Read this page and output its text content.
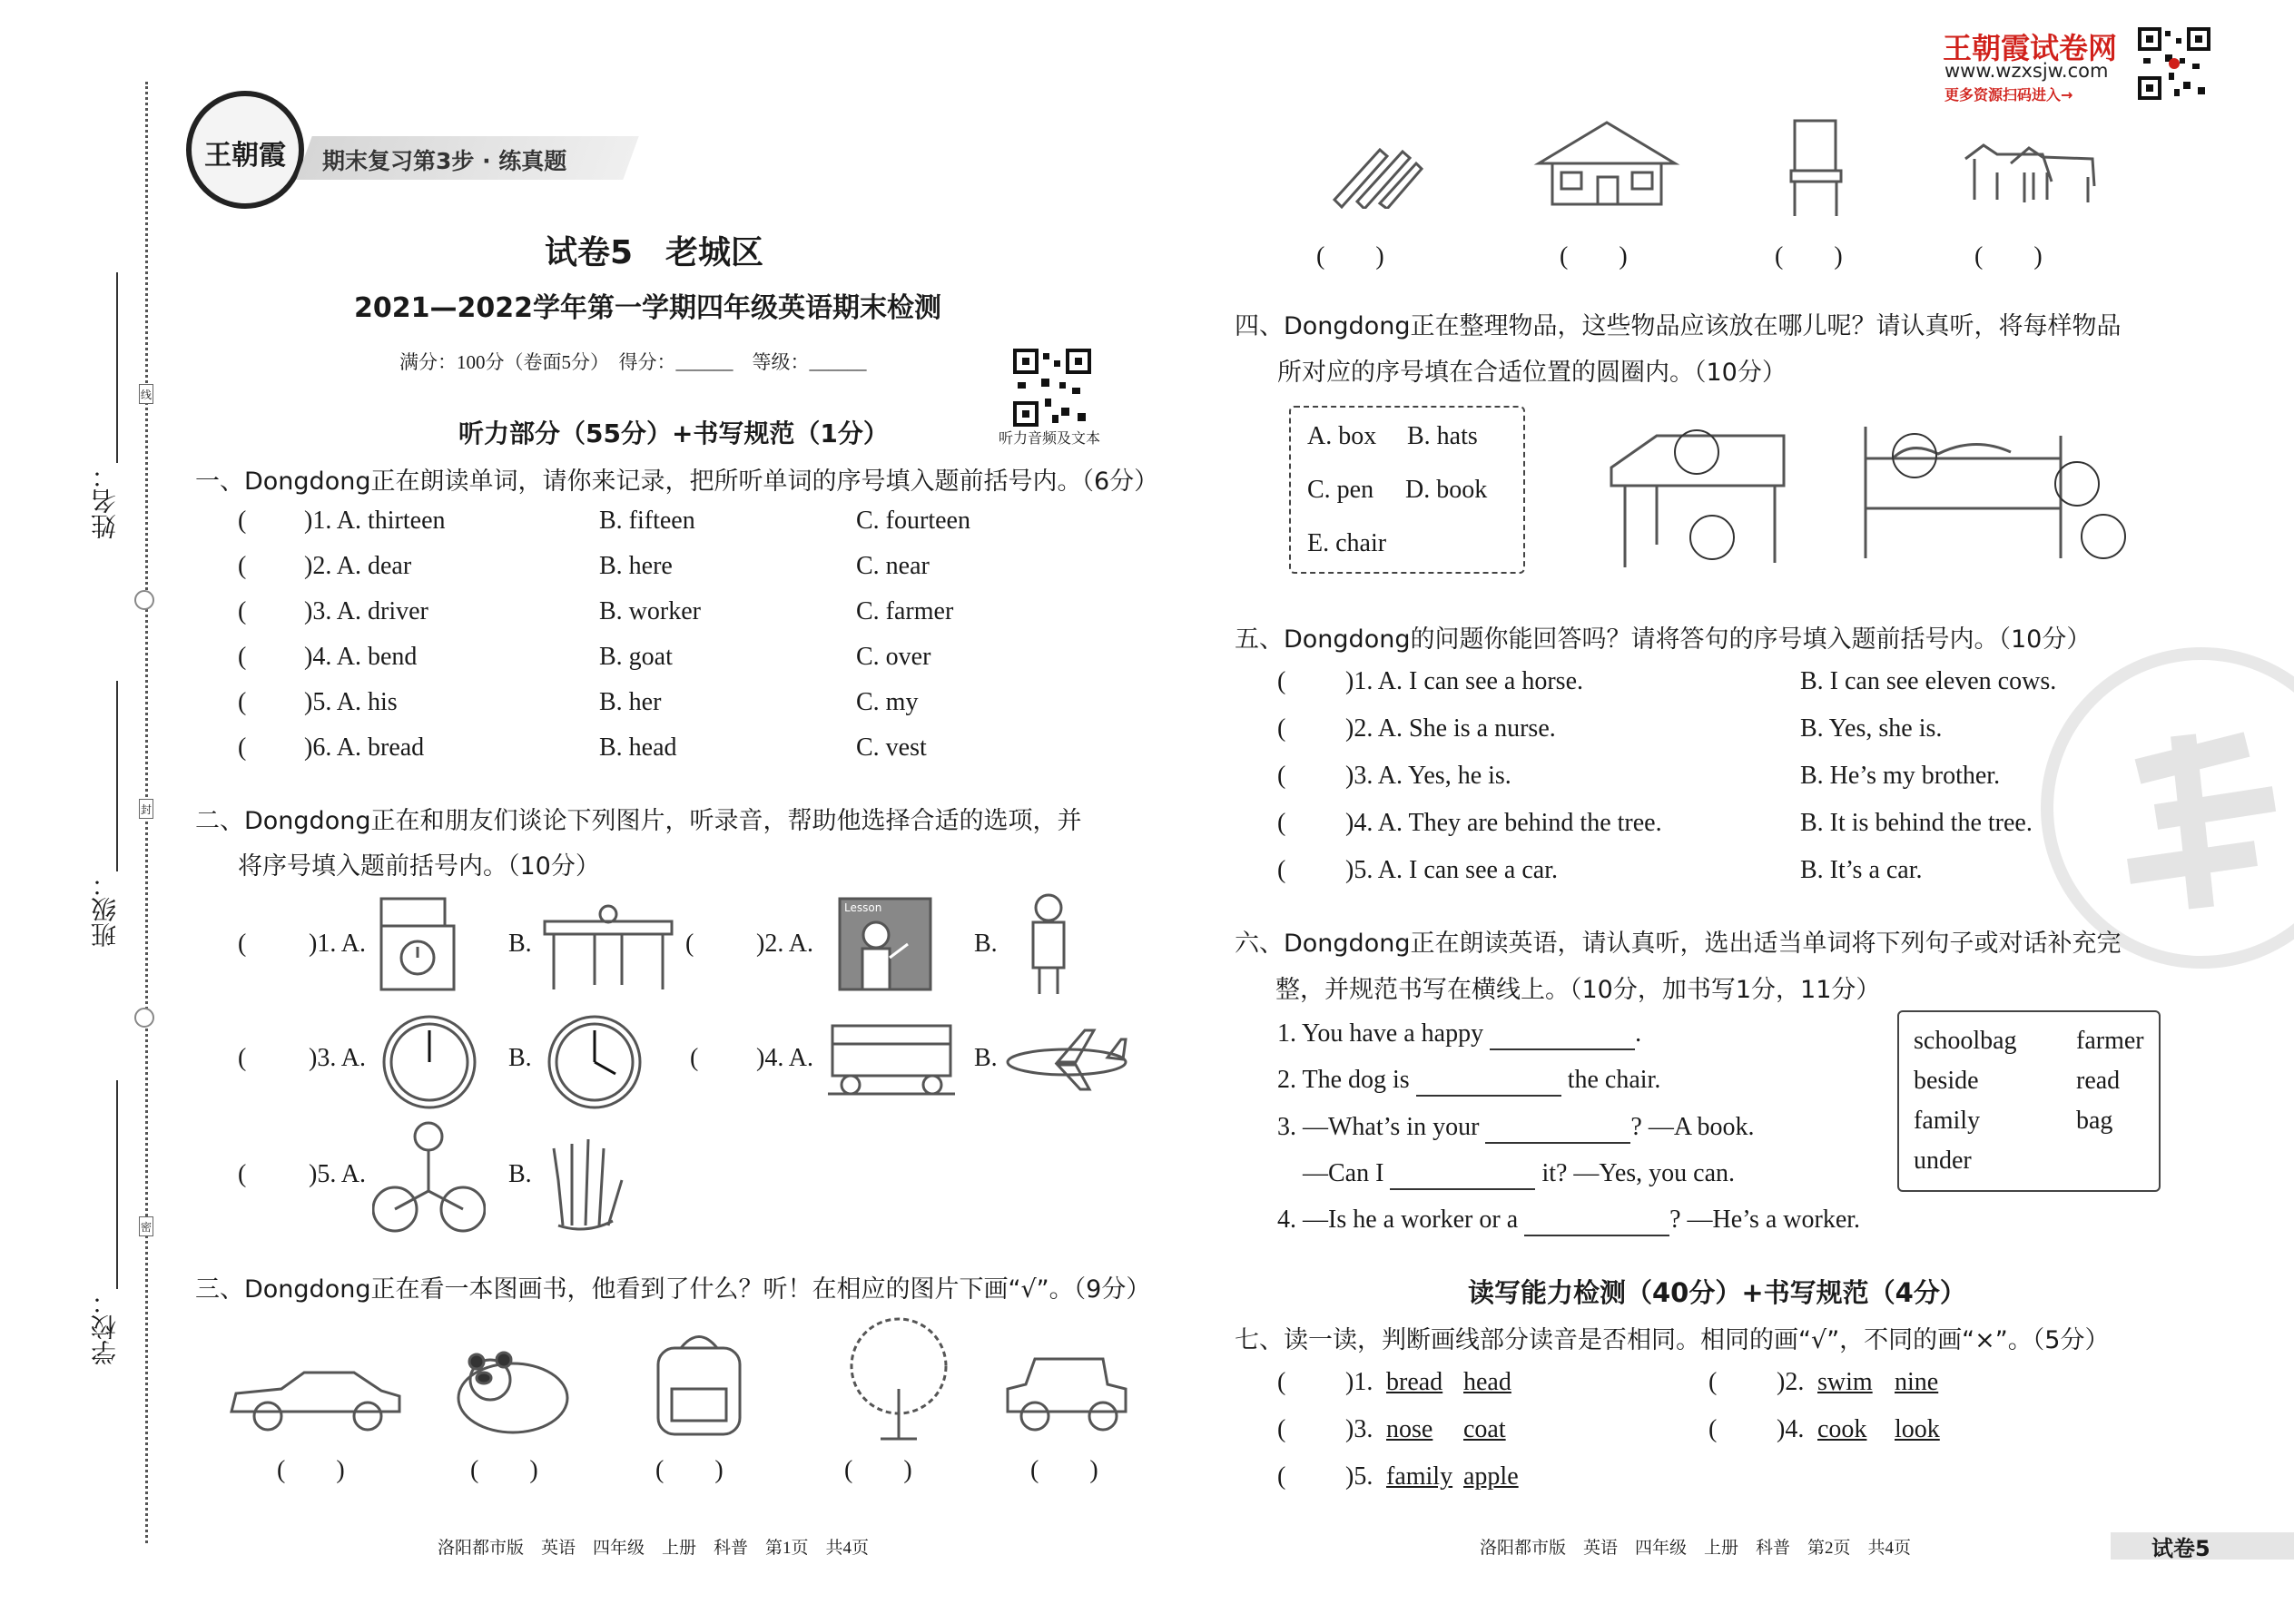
姓名：
班级：
学校：
线
封
密
王朝霞	期末复习第3步 · 练真题
王朝霞试卷网
www.wzxsjw.com
更多资源扫码进入→
试卷5　老城区
2021—2022学年第一学期四年级英语期末检测
满分：100分（卷面5分）　得分：______　等级：______
听力音频及文本
听力部分（55分）+书写规范（1分）
一、Dongdong正在朗读单词，请你来记录，把所听单词的序号填入题前括号内。（6分）
( )1. A. thirteen	B. fifteen	C. fourteen
( )2. A. dear	B. here	C. near
( )3. A. driver	B. worker	C. farmer
( )4. A. bend	B. goat	C. over
( )5. A. his	B. her	C. my
( )6. A. bread	B. head	C. vest
二、Dongdong正在和朋友们谈论下列图片，听录音，帮助他选择合适的选项，并
将序号填入题前括号内。（10分）
( )1. A.	B.	( )2. A.
Lesson
B.
( )3. A.	B.	( )4. A.	B.
( )5. A.	B.
三、Dongdong正在看一本图画书，他看到了什么？听！在相应的图片下画“√”。（9分）
(　　)	(　　)	(　　)	(　　)	(　　)
洛阳都市版　英语　四年级　上册　科普　第1页　共4页
(　　)	(　　)	(　　)	(　　)
四、Dongdong正在整理物品，这些物品应该放在哪儿呢？请认真听，将每样物品
所对应的序号填在合适位置的圆圈内。（10分）
A. box B. hats
C. pen D. book
E. chair
五、Dongdong的问题你能回答吗？请将答句的序号填入题前括号内。（10分）
( )1. A. I can see a horse.	B. I can see eleven cows.
( )2. A. She is a nurse.	B. Yes, she is.
( )3. A. Yes, he is.	B. He’s my brother.
( )4. A. They are behind the tree.	B. It is behind the tree.
( )5. A. I can see a car.	B. It’s a car.
六、Dongdong正在朗读英语，请认真听，选出适当单词将下列句子或对话补充完
整，并规范书写在横线上。（10分，加书写1分，11分）
1. You have a happy	.
2. The dog is	the chair.
3. —What’s in your	? —A book.
—Can I	it? —Yes, you can.
4. —Is he a worker or a	? —He’s a worker.
schoolbag farmer
beside	read
family	bag
under
读写能力检测（40分）+书写规范（4分）
七、读一读，判断画线部分读音是否相同。相同的画“√”，不同的画“×”。（5分）
( )1. bread head	( )2. swim nine
( )3. nose coat	( )4. cook look
( )5. family apple
洛阳都市版　英语　四年级　上册　科普　第2页　共4页	试卷5
